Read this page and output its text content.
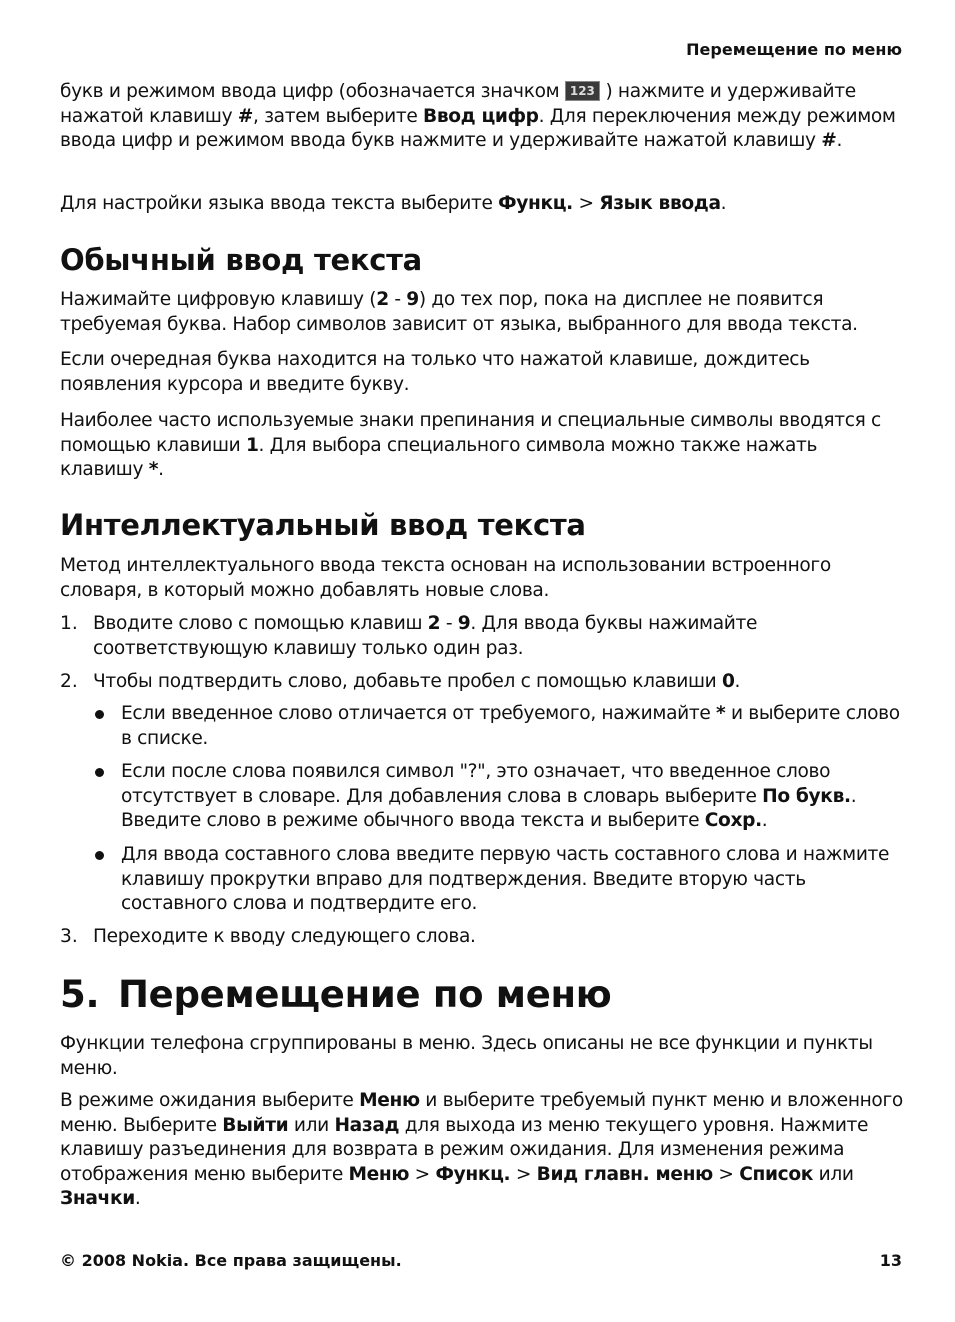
Перемещение по меню
букв и режимом ввода цифр (обозначается значком 123 ) нажмите и удерживайте нажатой клавишу #, затем выберите Ввод цифр. Для переключения между режимом ввода цифр и режимом ввода букв нажмите и удерживайте нажатой клавишу #.
Для настройки языка ввода текста выберите Функц. > Язык ввода.
Обычный ввод текста
Нажимайте цифровую клавишу (2 - 9) до тех пор, пока на дисплее не появится требуемая буква. Набор символов зависит от языка, выбранного для ввода текста.
Если очередная буква находится на только что нажатой клавише, дождитесь появления курсора и введите букву.
Наиболее часто используемые знаки препинания и специальные символы вводятся с помощью клавиши 1. Для выбора специального символа можно также нажать клавишу *.
Интеллектуальный ввод текста
Метод интеллектуального ввода текста основан на использовании встроенного словаря, в который можно добавлять новые слова.
1. Вводите слово с помощью клавиш 2 - 9. Для ввода буквы нажимайте соответствующую клавишу только один раз.
2. Чтобы подтвердить слово, добавьте пробел с помощью клавиши 0.
Если введенное слово отличается от требуемого, нажимайте * и выберите слово в списке.
Если после слова появился символ "?", это означает, что введенное слово отсутствует в словаре. Для добавления слова в словарь выберите По букв.. Введите слово в режиме обычного ввода текста и выберите Сохр..
Для ввода составного слова введите первую часть составного слова и нажмите клавишу прокрутки вправо для подтверждения. Введите вторую часть составного слова и подтвердите его.
3. Переходите к вводу следующего слова.
5. Перемещение по меню
Функции телефона сгруппированы в меню. Здесь описаны не все функции и пункты меню.
В режиме ожидания выберите Меню и выберите требуемый пункт меню и вложенного меню. Выберите Выйти или Назад для выхода из меню текущего уровня. Нажмите клавишу разъединения для возврата в режим ожидания. Для изменения режима отображения меню выберите Меню > Функц. > Вид главн. меню > Список или Значки.
© 2008 Nokia. Все права защищены.	13
